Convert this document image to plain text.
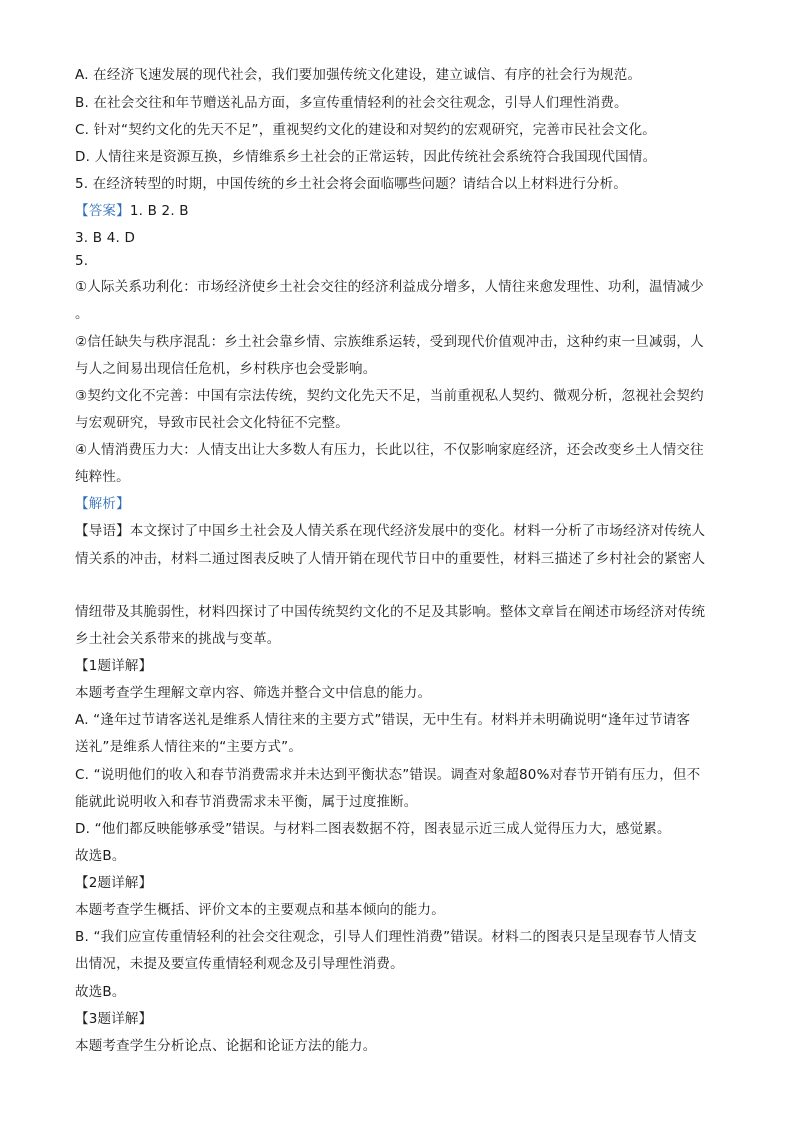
A. 在经济飞速发展的现代社会，我们要加强传统文化建设，建立诚信、有序的社会行为规范。
B. 在社会交往和年节赠送礼品方面，多宣传重情轻利的社会交往观念，引导人们理性消费。
C. 针对“契约文化的先天不足”，重视契约文化的建设和对契约的宏观研究，完善市民社会文化。
D. 人情往来是资源互换，乡情维系乡土社会的正常运转，因此传统社会系统符合我国现代国情。
5. 在经济转型的时期，中国传统的乡土社会将会面临哪些问题？请结合以上材料进行分析。
【答案】1. B 2. B
3. B 4. D
5.
①人际关系功利化：市场经济使乡土社会交往的经济利益成分增多，人情往来愈发理性、功利，温情减少
。
②信任缺失与秩序混乱：乡土社会靠乡情、宗族维系运转，受到现代价值观冲击，这种约束一旦减弱，人
与人之间易出现信任危机，乡村秩序也会受影响。
③契约文化不完善：中国有宗法传统，契约文化先天不足，当前重视私人契约、微观分析，忽视社会契约
与宏观研究，导致市民社会文化特征不完整。
④人情消费压力大：人情支出让大多数人有压力，长此以往，不仅影响家庭经济，还会改变乡土人情交往
纯粹性。
【解析】
【导语】本文探讨了中国乡土社会及人情关系在现代经济发展中的变化。材料一分析了市场经济对传统人
情关系的冲击，材料二通过图表反映了人情开销在现代节日中的重要性，材料三描述了乡村社会的紧密人
情纽带及其脆弱性，材料四探讨了中国传统契约文化的不足及其影响。整体文章旨在阐述市场经济对传统
乡土社会关系带来的挑战与变革。
【1题详解】
本题考查学生理解文章内容、筛选并整合文中信息的能力。
A. “逢年过节请客送礼是维系人情往来的主要方式”错误，无中生有。材料并未明确说明“逢年过节请客
送礼”是维系人情往来的“主要方式”。
C. “说明他们的收入和春节消费需求并未达到平衡状态”错误。调查对象超80%对春节开销有压力，但不
能就此说明收入和春节消费需求未平衡，属于过度推断。
D. “他们都反映能够承受”错误。与材料二图表数据不符，图表显示近三成人觉得压力大，感觉累。
故选B。
【2题详解】
本题考查学生概括、评价文本的主要观点和基本倾向的能力。
B. “我们应宣传重情轻利的社会交往观念，引导人们理性消费”错误。材料二的图表只是呈现春节人情支
出情况，未提及要宣传重情轻利观念及引导理性消费。
故选B。
【3题详解】
本题考查学生分析论点、论据和论证方法的能力。
